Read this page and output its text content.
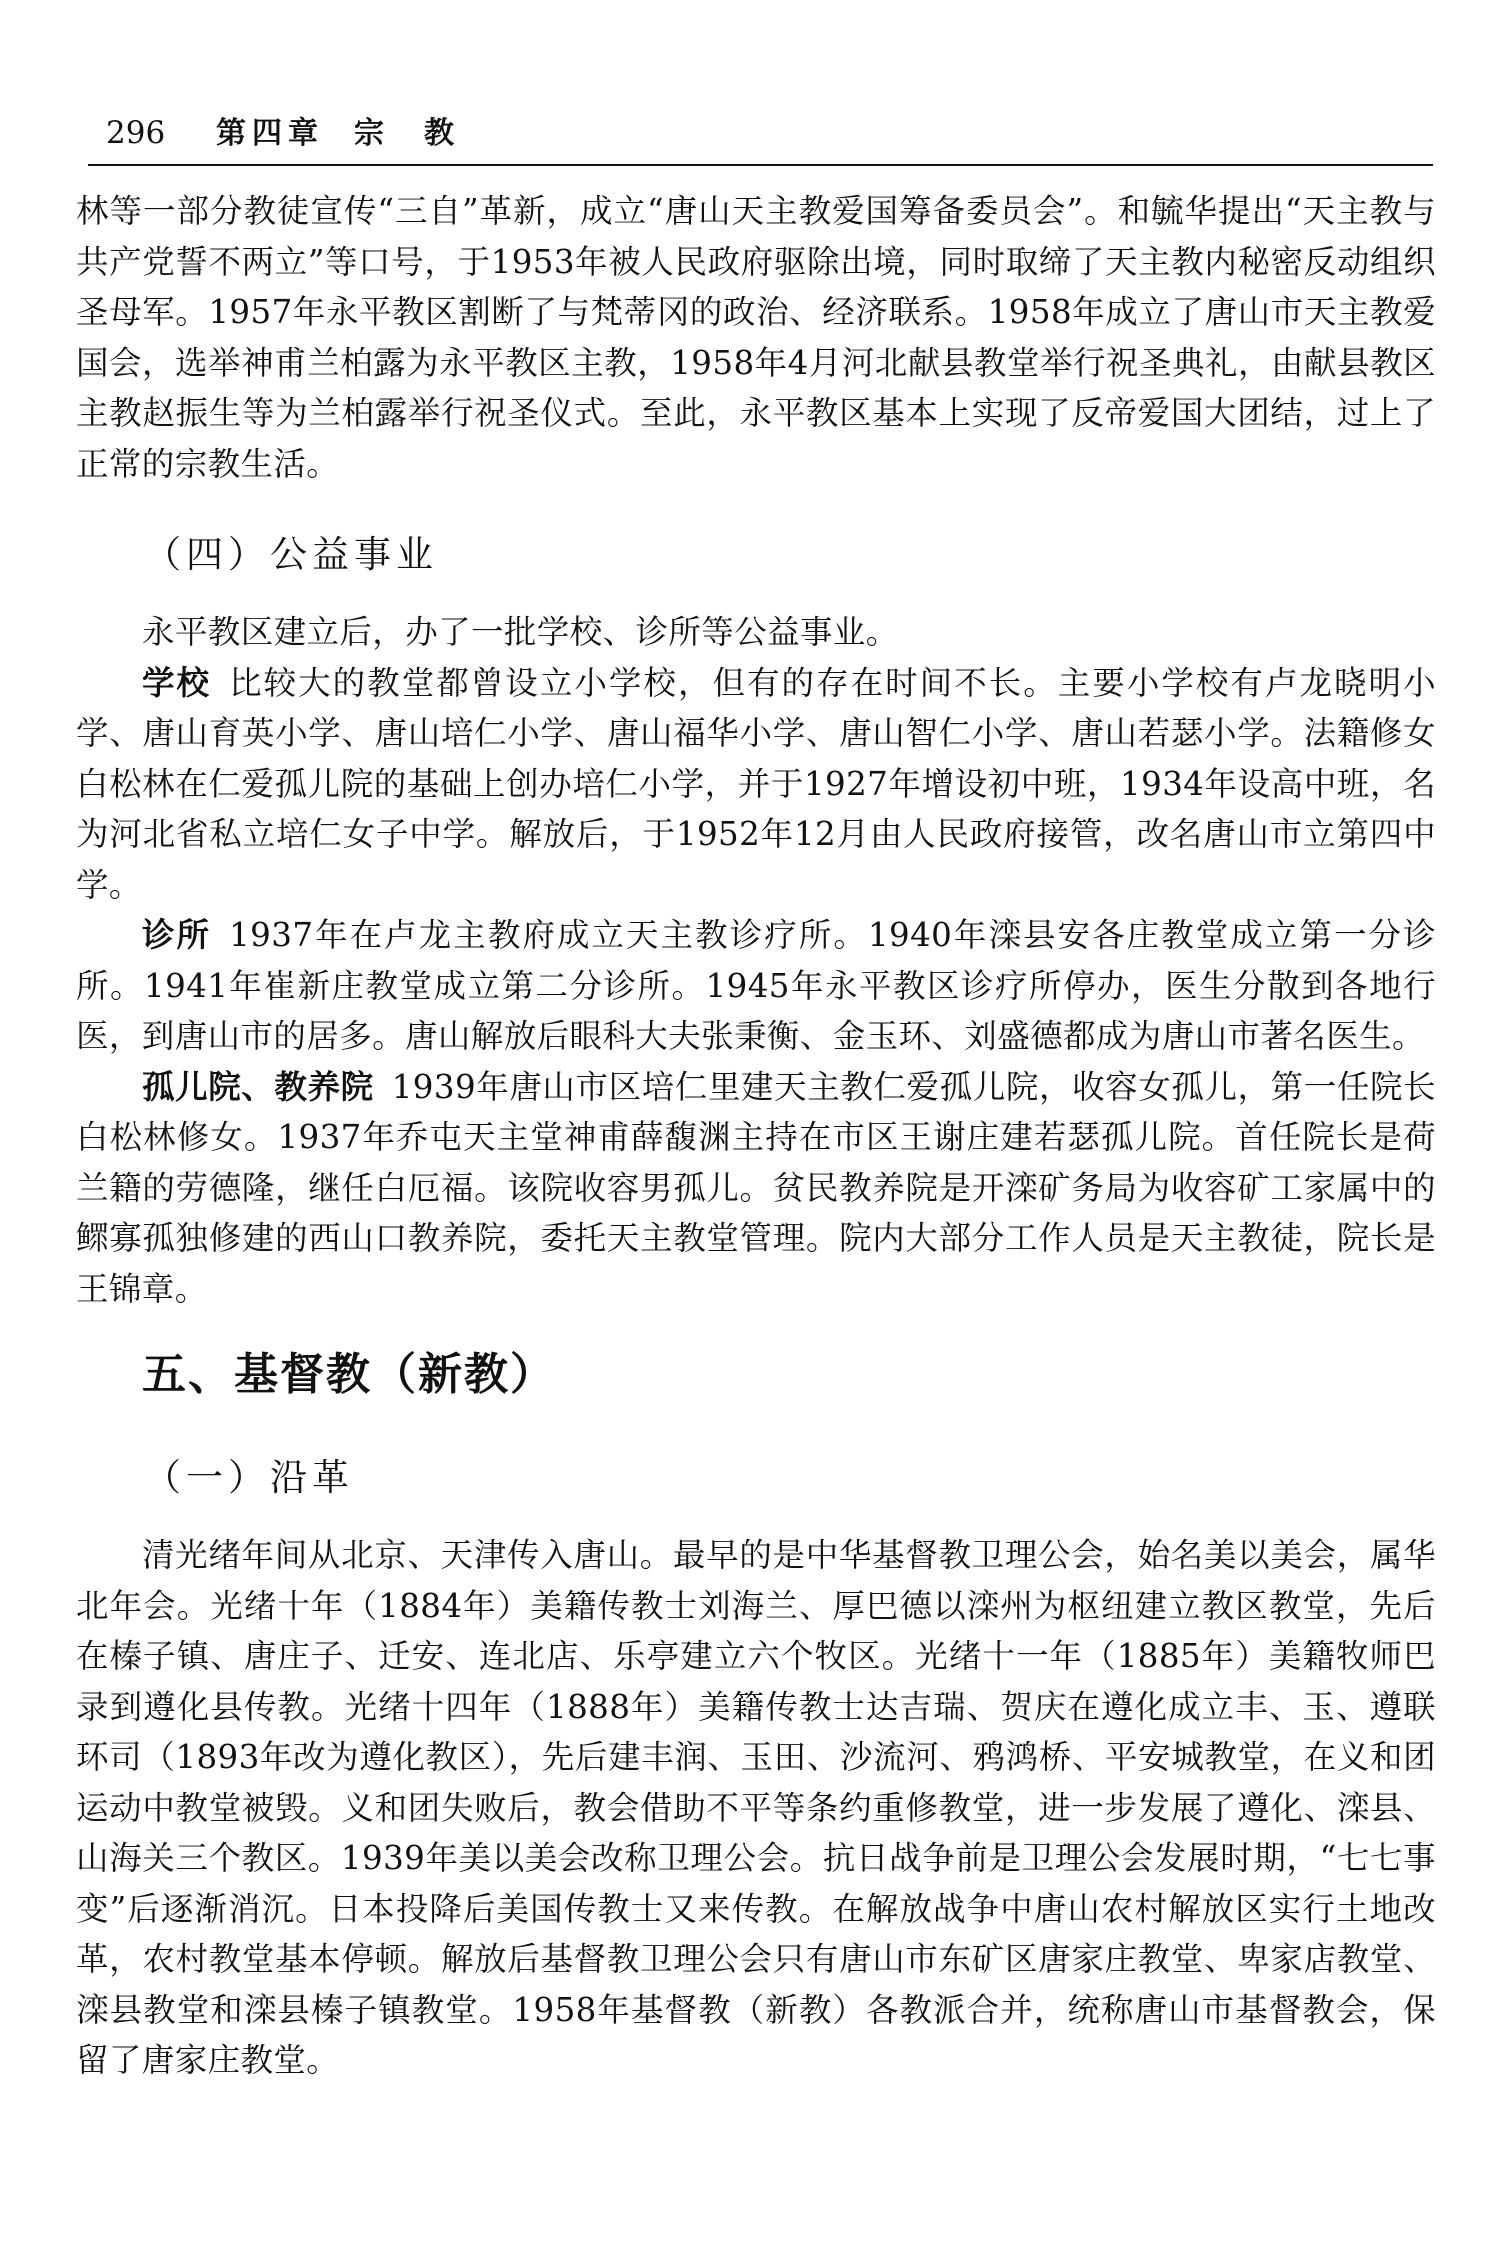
296	第四章 宗教

林等一部分教徒宣传“三自”革新，成立“唐山天主教爱国筹备委员会”。和毓华提出“天主教与共产党誓不两立”等口号，于1953年被人民政府驱除出境，同时取缔了天主教内秘密反动组织圣母军。1957年永平教区割断了与梵蒂冈的政治、经济联系。1958年成立了唐山市天主教爱国会，选举神甫兰柏露为永平教区主教，1958年4月河北献县教堂举行祝圣典礼，由献县教区主教赵振生等为兰柏露举行祝圣仪式。至此，永平教区基本上实现了反帝爱国大团结，过上了正常的宗教生活。

（四）公益事业

永平教区建立后，办了一批学校、诊所等公益事业。

学校 比较大的教堂都曾设立小学校，但有的存在时间不长。主要小学校有卢龙晓明小学、唐山育英小学、唐山培仁小学、唐山福华小学、唐山智仁小学、唐山若瑟小学。法籍修女白松林在仁爱孤儿院的基础上创办培仁小学，并于1927年增设初中班，1934年设高中班，名为河北省私立培仁女子中学。解放后，于1952年12月由人民政府接管，改名唐山市立第四中学。

诊所 1937年在卢龙主教府成立天主教诊疗所。1940年滦县安各庄教堂成立第一分诊所。1941年崔新庄教堂成立第二分诊所。1945年永平教区诊疗所停办，医生分散到各地行医，到唐山市的居多。唐山解放后眼科大夫张秉衡、金玉环、刘盛德都成为唐山市著名医生。

孤儿院、教养院 1939年唐山市区培仁里建天主教仁爱孤儿院，收容女孤儿，第一任院长白松林修女。1937年乔屯天主堂神甫薛馥渊主持在市区王谢庄建若瑟孤儿院。首任院长是荷兰籍的劳德隆，继任白厄福。该院收容男孤儿。贫民教养院是开滦矿务局为收容矿工家属中的鳏寡孤独修建的西山口教养院，委托天主教堂管理。院内大部分工作人员是天主教徒，院长是王锦章。

五、基督教（新教）
（一）沿革

清光绪年间从北京、天津传入唐山。最早的是中华基督教卫理公会，始名美以美会，属华北年会。光绪十年（1884年）美籍传教士刘海兰、厚巴德以滦州为枢纽建立教区教堂，先后在榛子镇、唐庄子、迁安、连北店、乐亭建立六个牧区。光绪十一年（1885年）美籍牧师巴录到遵化县传教。光绪十四年（1888年）美籍传教士达吉瑞、贺庆在遵化成立丰、玉、遵联环司（1893年改为遵化教区），先后建丰润、玉田、沙流河、鸦鸿桥、平安城教堂，在义和团运动中教堂被毁。义和团失败后，教会借助不平等条约重修教堂，进一步发展了遵化、滦县、山海关三个教区。1939年美以美会改称卫理公会。抗日战争前是卫理公会发展时期，“七七事变”后逐渐消沉。日本投降后美国传教士又来传教。在解放战争中唐山农村解放区实行土地改革，农村教堂基本停顿。解放后基督教卫理公会只有唐山市东矿区唐家庄教堂、卑家店教堂、滦县教堂和滦县榛子镇教堂。1958年基督教（新教）各教派合并，统称唐山市基督教会，保留了唐家庄教堂。
